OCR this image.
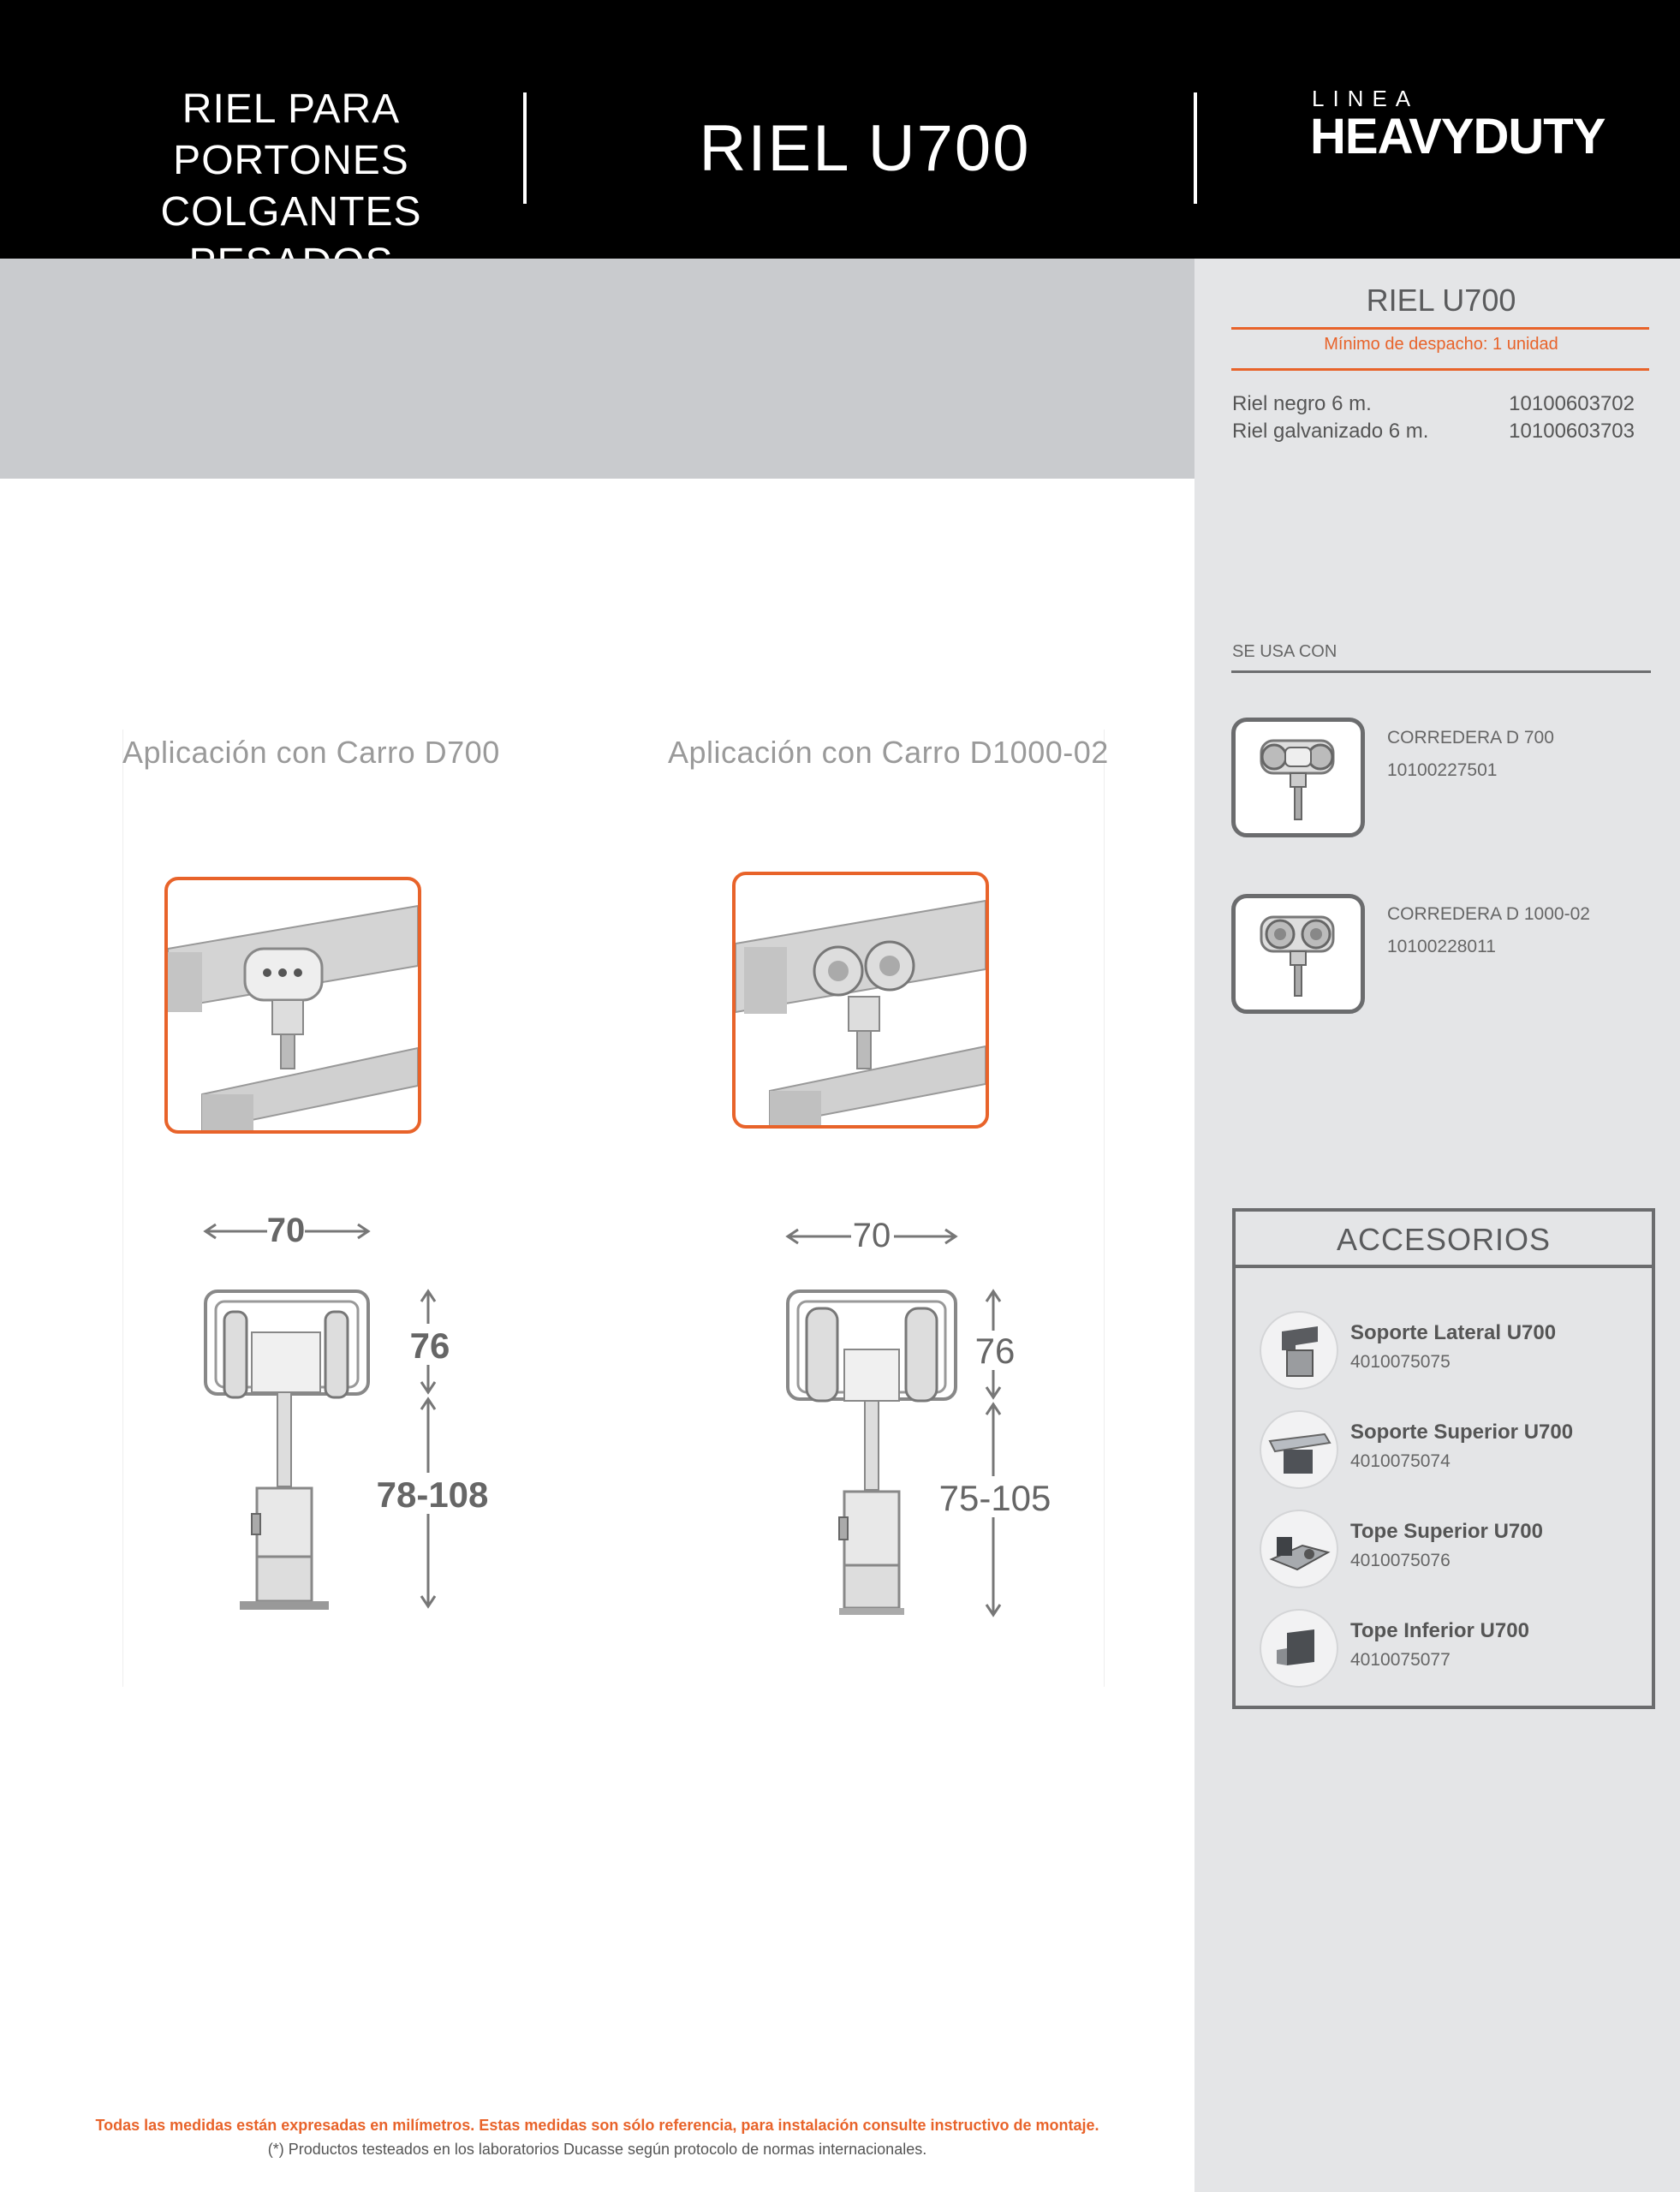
RIEL PARA PORTONES
COLGANTES
RIEL U700
LINEA
HEAVYDUTY
RIEL U700
Mínimo de despacho: 1 unidad
Riel negro 6 m.	10100603702
Riel galvanizado 6 m.	10100603703
SE USA CON
CORREDERA D 700
10100227501
CORREDERA D 1000-02
10100228011
ACCESORIOS
Soporte Lateral U700
4010075075
Soporte Superior U700
4010075074
Tope Superior U700
4010075076
Tope Inferior U700
4010075077
Aplicación con Carro D700	Aplicación con Carro D1000-02
70
76
78-108
70
76
75-105
Todas las medidas están expresadas en milímetros. Estas medidas son sólo referencia, para instalación consulte instructivo de montaje.
(*) Productos testeados en los laboratorios Ducasse según protocolo de normas internacionales.
